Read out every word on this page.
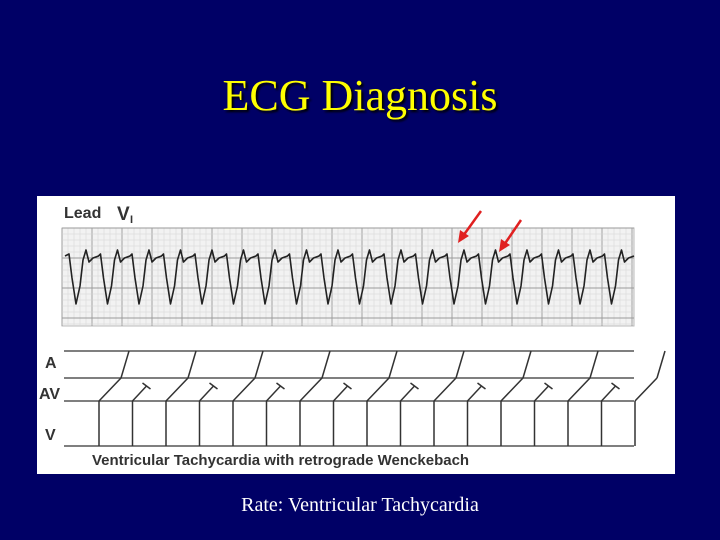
ECG Diagnosis
Lead V I
A
AV
V
Ventricular Tachycardia with retrograde Wenckebach
Rate: Ventricular Tachycardia
